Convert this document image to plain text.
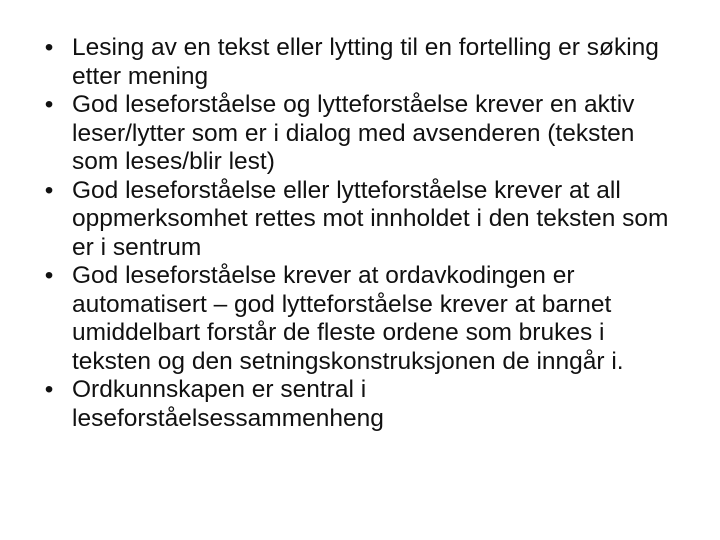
• Lesing av en tekst eller lytting til en fortelling er søking etter mening
• God leseforståelse og lytteforståelse krever en aktiv leser/lytter som er i dialog med avsenderen (teksten som leses/blir lest)
• God leseforståelse eller lytteforståelse krever at all oppmerksomhet rettes mot innholdet i den teksten som er i sentrum
• God leseforståelse krever at ordavkodingen er automatisert – god lytteforståelse krever at barnet umiddelbart forstår de fleste ordene som brukes i teksten og den setningskonstruksjonen de inngår i.
• Ordkunnskapen er sentral i leseforståelsessammenheng
